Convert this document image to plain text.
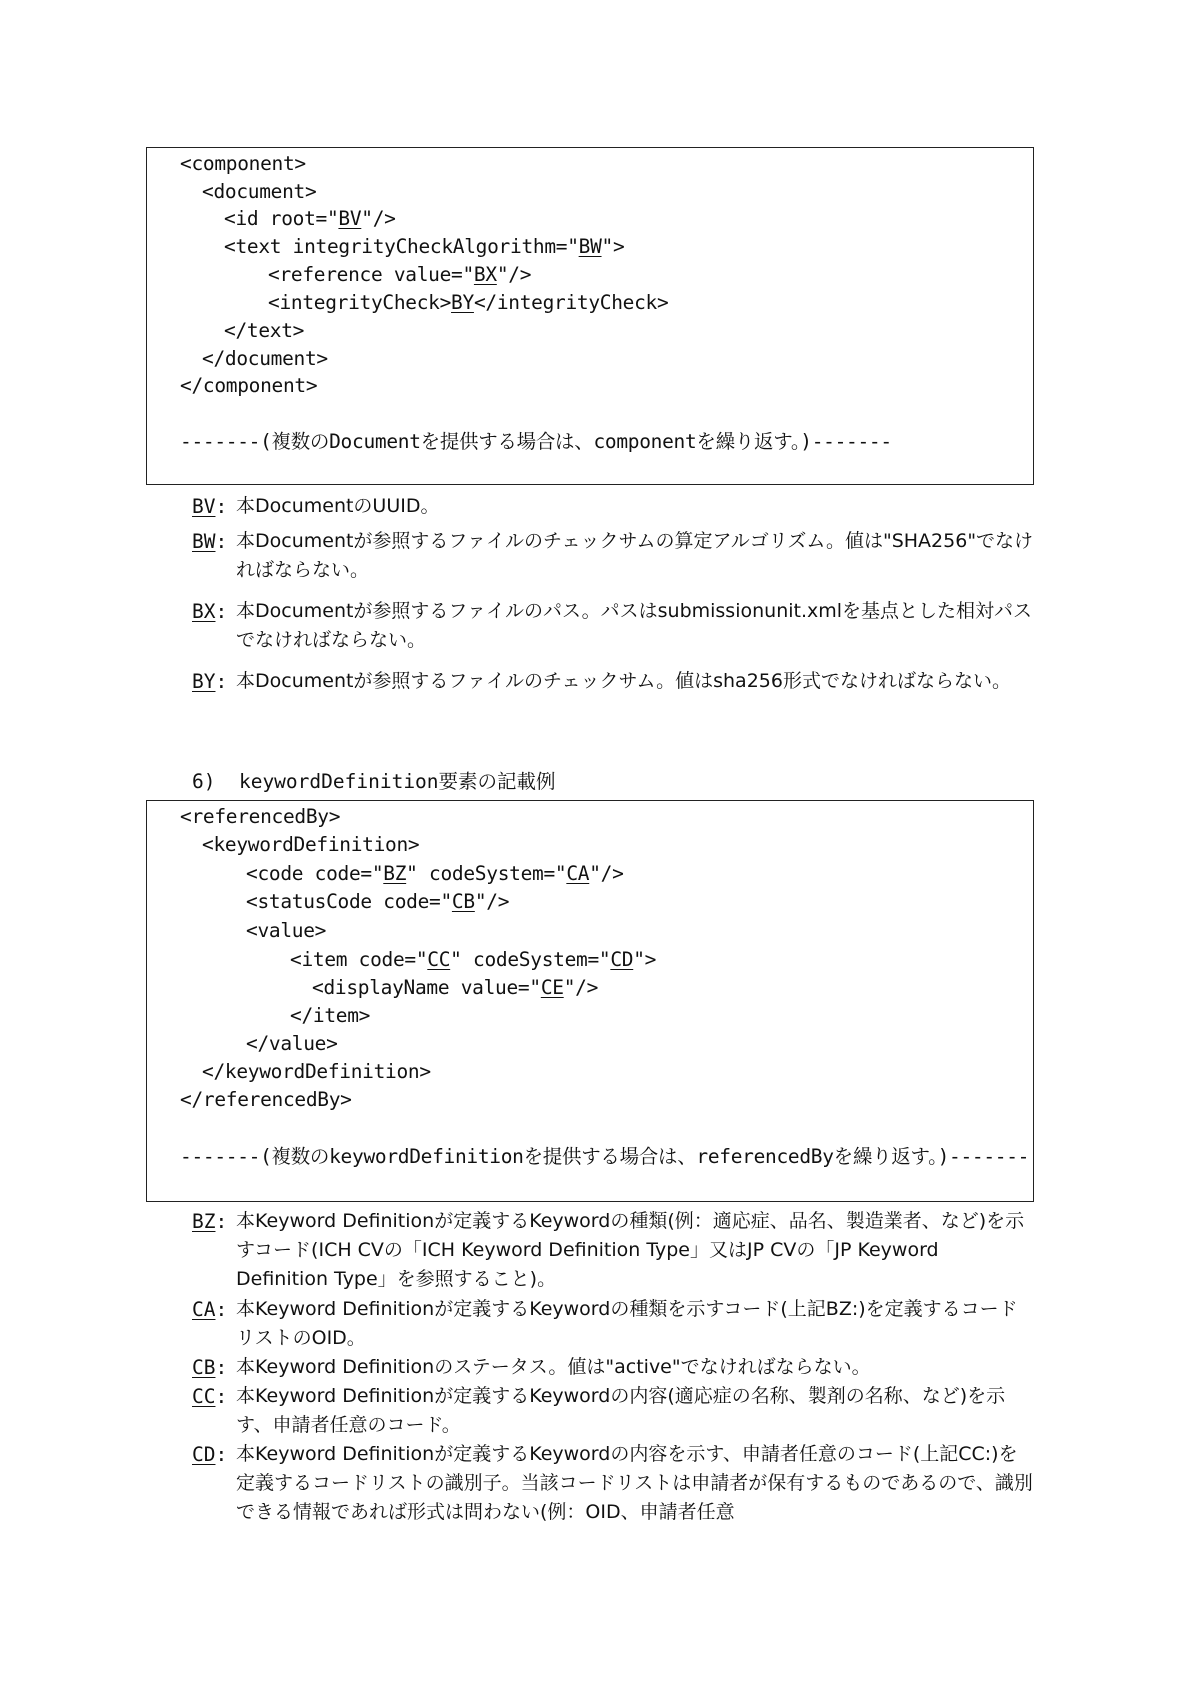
<component>
<document>
<id root="BV"/>
<text integrityCheckAlgorithm="BW">
<reference value="BX"/>
<integrityCheck>BY</integrityCheck>
</text>
</document>
</component>
-------(複数のDocumentを提供する場合は、componentを繰り返す。)-------
BV: 本DocumentのUUID。
BW: 本Documentが参照するファイルのチェックサムの算定アルゴリズム。値は"SHA256"でなければならない。
BX: 本Documentが参照するファイルのパス。パスはsubmissionunit.xmlを基点とした相対パスでなければならない。
BY: 本Documentが参照するファイルのチェックサム。値はsha256形式でなければならない。
6)  keywordDefinition要素の記載例
<referencedBy>
<keywordDefinition>
<code code="BZ" codeSystem="CA"/>
<statusCode code="CB"/>
<value>
<item code="CC" codeSystem="CD">
<displayName value="CE"/>
</item>
</value>
</keywordDefinition>
</referencedBy>
-------(複数のkeywordDefinitionを提供する場合は、referencedByを繰り返す。)-------
BZ: 本Keyword Definitionが定義するKeywordの種類(例：適応症、品名、製造業者、など)を示すコード(ICH CVの「ICH Keyword Definition Type」又はJP CVの「JP Keyword Definition Type」を参照すること)。
CA: 本Keyword Definitionが定義するKeywordの種類を示すコード(上記BZ:)を定義するコードリストのOID。
CB: 本Keyword Definitionのステータス。値は"active"でなければならない。
CC: 本Keyword Definitionが定義するKeywordの内容(適応症の名称、製剤の名称、など)を示す、申請者任意のコード。
CD: 本Keyword Definitionが定義するKeywordの内容を示す、申請者任意のコード(上記CC:)を定義するコードリストの識別子。当該コードリストは申請者が保有するものであるので、識別できる情報であれば形式は問わない(例：OID、申請者任意
